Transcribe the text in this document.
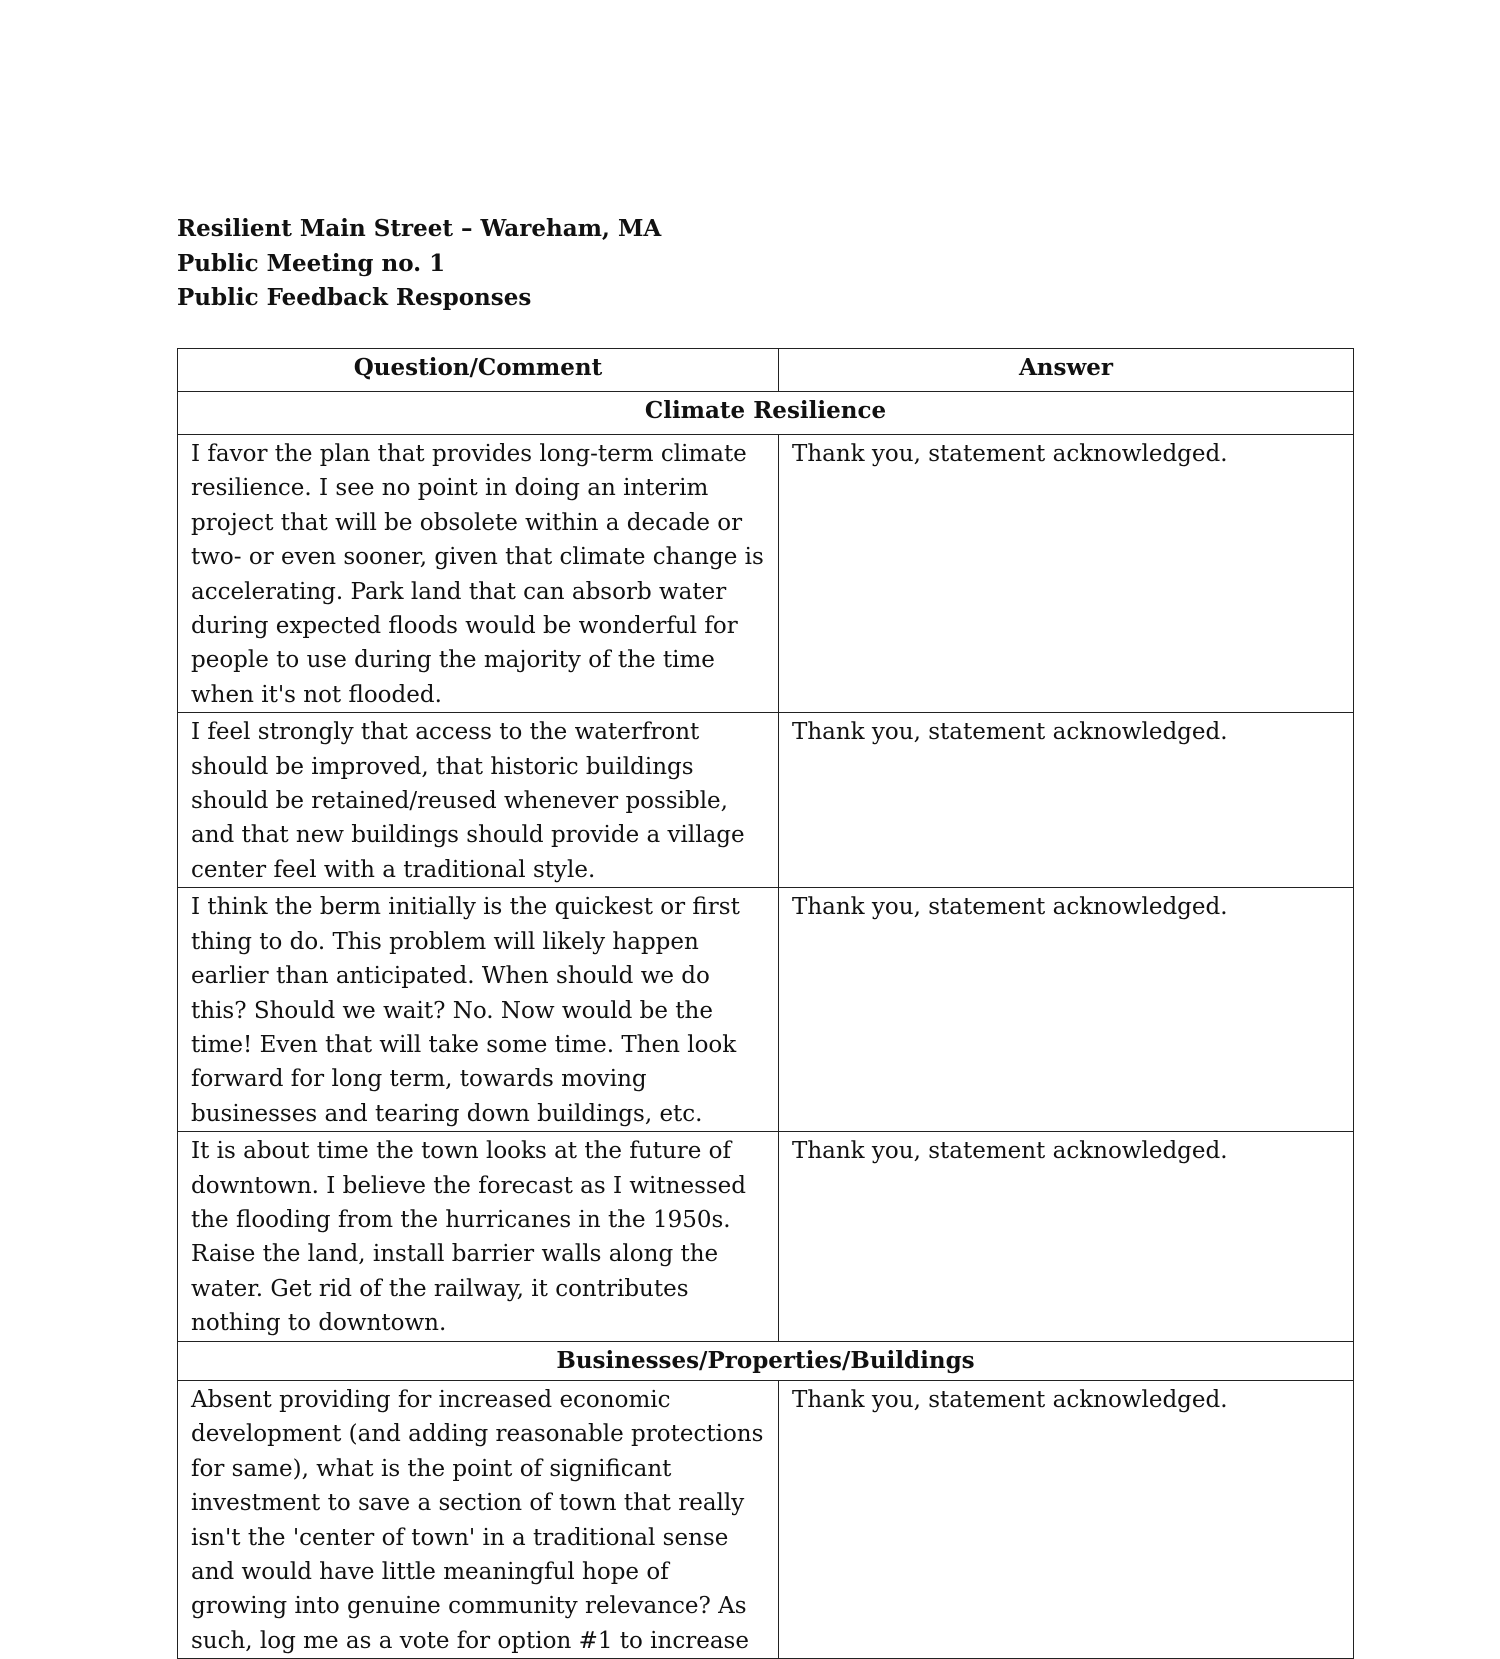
Resilient Main Street – Wareham, MA
Public Meeting no. 1
Public Feedback Responses
Question/Comment	Answer
Climate Resilience	
I favor the plan that provides long-term climate resilience. I see no point in doing an interim project that will be obsolete within a decade or two- or even sooner, given that climate change is accelerating. Park land that can absorb water during expected floods would be wonderful for people to use during the majority of the time when it's not flooded.	Thank you, statement acknowledged.
I feel strongly that access to the waterfront should be improved, that historic buildings should be retained/reused whenever possible, and that new buildings should provide a village center feel with a traditional style.	Thank you, statement acknowledged.
I think the berm initially is the quickest or first thing to do. This problem will likely happen earlier than anticipated. When should we do this? Should we wait? No. Now would be the time! Even that will take some time. Then look forward for long term, towards moving businesses and tearing down buildings, etc.	Thank you, statement acknowledged.
It is about time the town looks at the future of downtown. I believe the forecast as I witnessed the flooding from the hurricanes in the 1950s. Raise the land, install barrier walls along the water. Get rid of the railway, it contributes nothing to downtown.	Thank you, statement acknowledged.
Businesses/Properties/Buildings	
Absent providing for increased economic development (and adding reasonable protections for same), what is the point of significant investment to save a section of town that really isn't the 'center of town' in a traditional sense and would have little meaningful hope of growing into genuine community relevance? As such, log me as a vote for option #1 to increase	Thank you, statement acknowledged.
